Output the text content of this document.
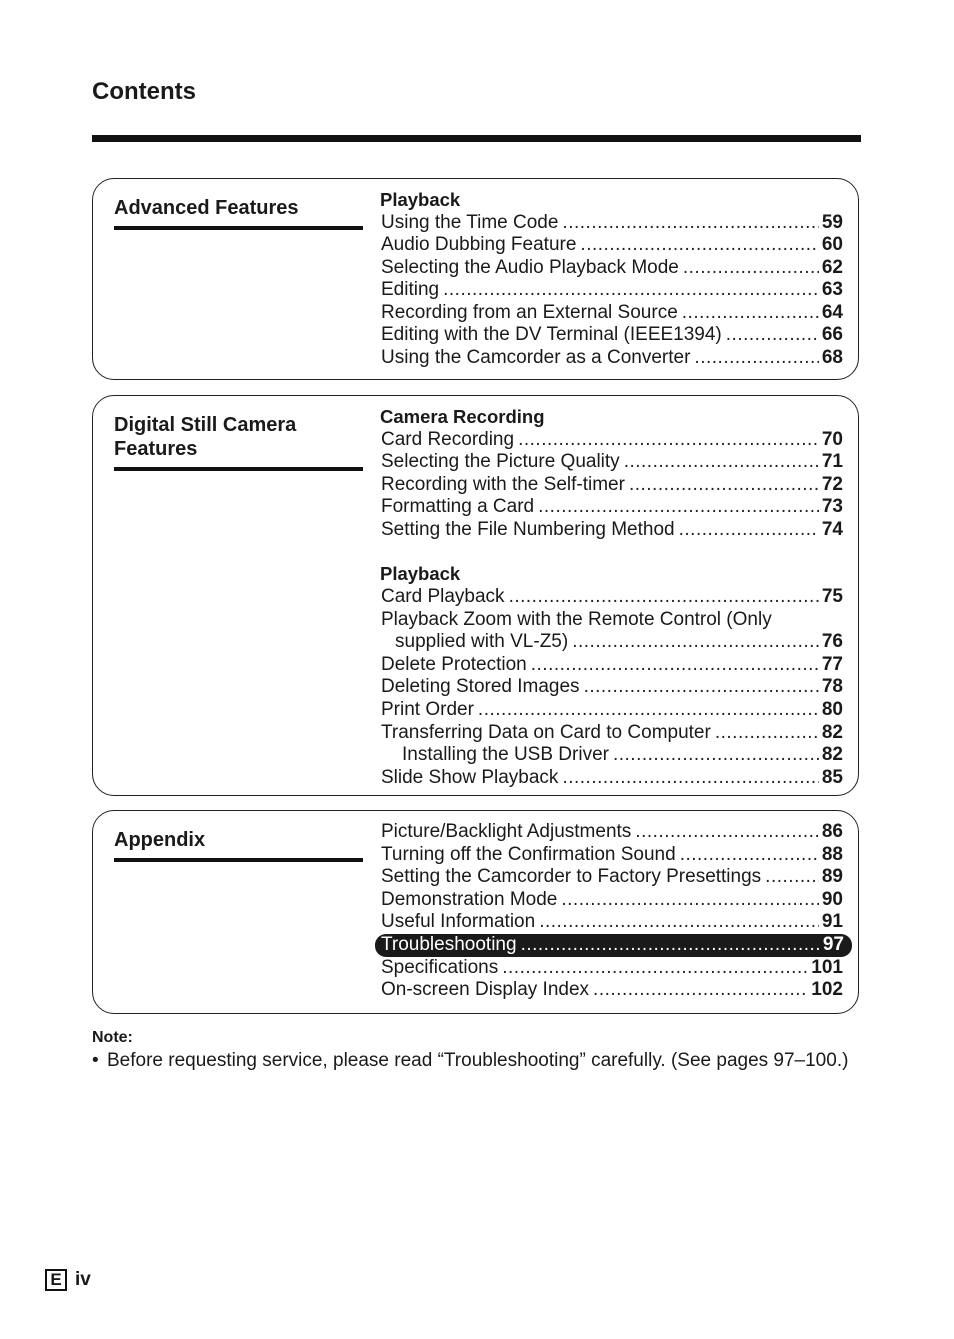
Contents
Advanced Features	Playback
Using the Time Code .....	59
Audio Dubbing Feature .....	60
Selecting the Audio Playback Mode .....	62
Editing .....	63
Recording from an External Source .....	64
Editing with the DV Terminal (IEEE1394) .....	66
Using the Camcorder as a Converter .....	68
Digital Still Camera Features
Camera Recording
Card Recording .....	70
Selecting the Picture Quality .....	71
Recording with the Self-timer .....	72
Formatting a Card .....	73
Setting the File Numbering Method .....	74
Playback
Card Playback .....	75
Playback Zoom with the Remote Control (Only
supplied with VL-Z5) .....	76
Delete Protection .....	77
Deleting Stored Images .....	78
Print Order .....	80
Transferring Data on Card to Computer .....	82
Installing the USB Driver .....	82
Slide Show Playback .....	85
Appendix	Picture/Backlight Adjustments .....	86
Turning off the Confirmation Sound .....	88
Setting the Camcorder to Factory Presettings .....	89
Demonstration Mode .....	90
Useful Information .....	91
Troubleshooting .....	97
Specifications .....	101
On-screen Display Index .....	102
Note:
• Before requesting service, please read “Troubleshooting” carefully. (See pages 97–100.)
E iv
